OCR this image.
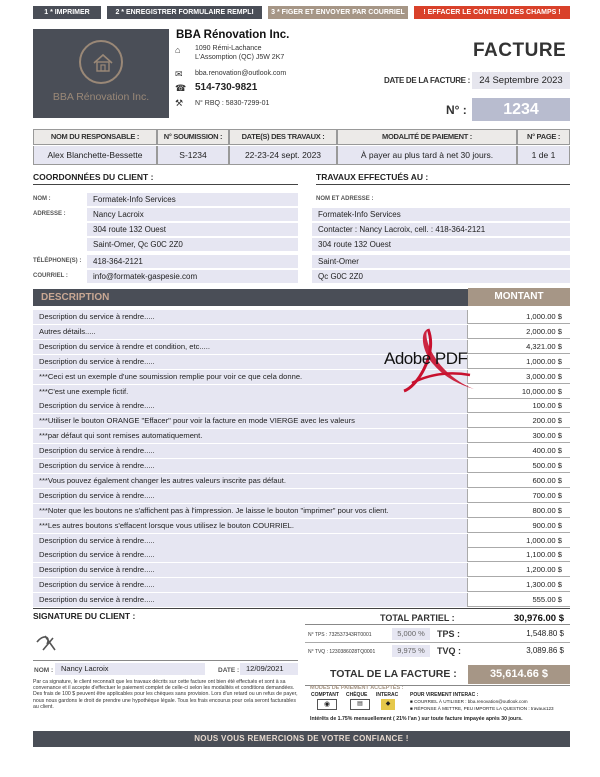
1 * IMPRIMER	2 * ENREGISTRER FORMULAIRE REMPLI	3 * FIGER ET ENVOYER PAR COURRIEL	! EFFACER LE CONTENU DES CHAMPS !
BBA Rénovation Inc.
BBA Rénovation Inc.
⌂ 1090 Rémi-Lachance
L'Assomption (QC) J5W 2K7
✉ bba.renovation@outlook.com
☎ 514-730-9821
⚒ N° RBQ : 5830-7299-01
FACTURE
DATE DE LA FACTURE : 24 Septembre 2023
N° :	1234
NOM DU RESPONSABLE :	N° SOUMISSION :	DATE(S) DES TRAVAUX :	MODALITÉ DE PAIEMENT :	N° PAGE :
Alex Blanchette-Bessette	S-1234	22-23-24 sept. 2023	À payer au plus tard à net 30 jours.	1 de 1
COORDONNÉES DU CLIENT :	TRAVAUX EFFECTUÉS AU :
NOM :	Formatek-Info Services
ADRESSE :	Nancy Lacroix
304 route 132 Ouest
Saint-Omer, Qc G0C 2Z0
TÉLÉPHONE(S) :	418-364-2121
COURRIEL :	info@formatek-gaspesie.com
NOM ET ADRESSE :
Formatek-Info Services
Contacter : Nancy Lacroix, cell. : 418-364-2121
304 route 132 Ouest
Saint-Omer
Qc G0C 2Z0
DESCRIPTION	MONTANT
Description du service à rendre.....	1,000.00 $
Autres détails.....	2,000.00 $
Description du service à rendre et condition, etc.....	4,321.00 $
Description du service à rendre.....	1,000.00 $
***Ceci est un exemple d'une soumission remplie pour voir ce que cela donne.	3,000.00 $
***C'est une exemple fictif.	10,000.00 $
Description du service à rendre.....	100.00 $
***Utiliser le bouton ORANGE "Effacer" pour voir la facture en mode VIERGE avec les valeurs	200.00 $
***par défaut qui sont remises automatiquement.	300.00 $
Description du service à rendre.....	400.00 $
Description du service à rendre.....	500.00 $
***Vous pouvez également changer les autres valeurs inscrite pas défaut.	600.00 $
Description du service à rendre.....	700.00 $
***Noter que les boutons ne s'affichent pas à l'impression. Je laisse le bouton "imprimer" pour vos client.	800.00 $
***Les autres boutons s'effacent lorsque vous utilisez le bouton COURRIEL.	900.00 $
Description du service à rendre.....	1,000.00 $
Description du service à rendre.....	1,100.00 $
Description du service à rendre.....	1,200.00 $
Description du service à rendre.....	1,300.00 $
Description du service à rendre.....	555.00 $
Adobe PDF
SIGNATURE DU CLIENT :
NOM :	Nancy Lacroix	DATE : 12/09/2021
Par ca signature, le client reconnaît que les travaux décrits sur cette facture ont bien été effectués et sont à sa convenance et il accepte d'effectuer le paiement complet de celle-ci selon les modalités et conditions demandées. Des frais de 100 $ peuvent être applicables pour les chèques sans provision. Lors d'un retard ou un refus de payer, nous nous gardons le droit de prendre une hypothèque légale. Tous les frais encourus pour cela seront facturables au client.
TOTAL PARTIEL :	30,976.00 $
N° TPS : 732537343RT0001	5,000 %	TPS :	1,548.80 $
N° TVQ : 1230386028TQ0001	9,975 %	TVQ :	3,089.86 $
TOTAL DE LA FACTURE :	35,614.66 $
MODES DE PAIEMENT ACCEPTÉS :
COMPTANT CHÈQUE INTERAC POUR VIREMENT INTERAC :
◉	▤	◆	■ COURRIEL À UTILISER : bba.renovation@outlook.com
■ RÉPONSE À METTRE, PEU IMPORTE LA QUESTION : travaux123
Intérêts de 1.75% mensuellement ( 21% l'an ) sur toute facture impayée après 30 jours.
NOUS VOUS REMERCIONS DE VOTRE CONFIANCE !
